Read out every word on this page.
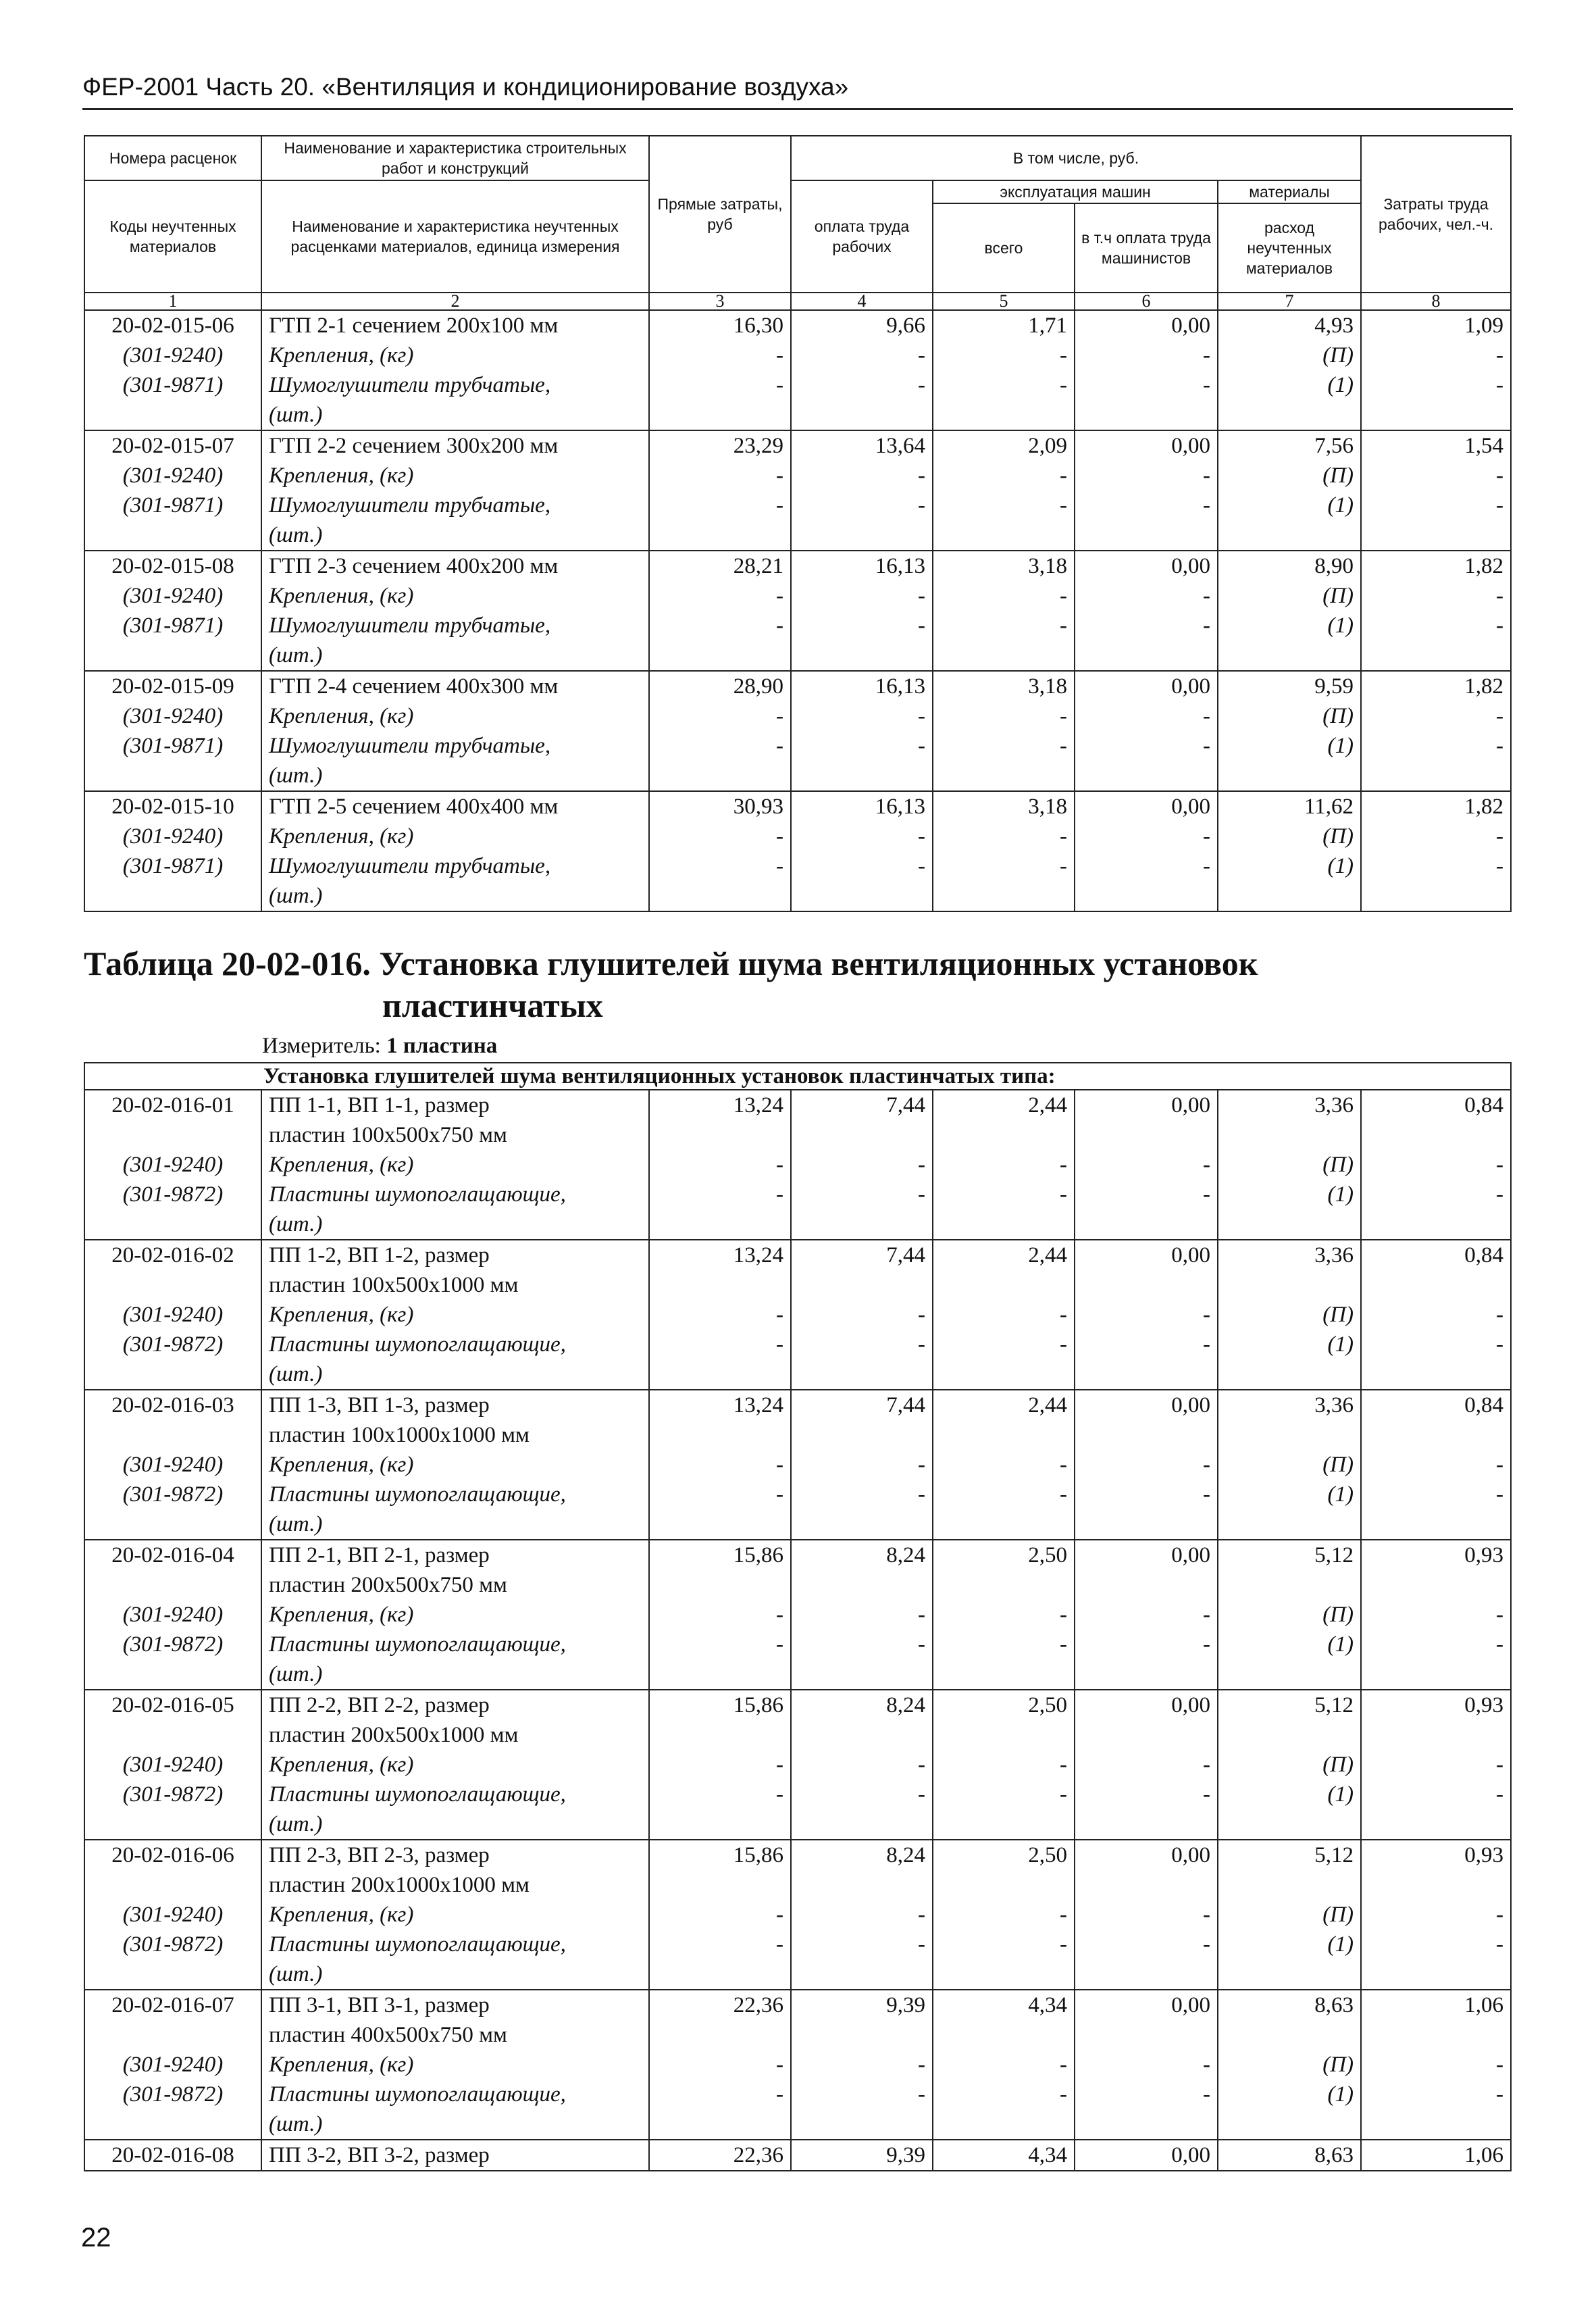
ФЕР-2001 Часть 20. «Вентиляция и кондиционирование воздуха»
Номера расценок	Наименование и характеристика строительных работ и конструкций	Прямые затраты, руб	В том числе, руб.				Затраты труда рабочих, чел.-ч.
Коды неучтенных материалов	Наименование и характеристика неучтенных расценками материалов, единица измерения		оплата труда рабочих	эксплуатация машин		материалы	
				всего	в т.ч оплата труда машинистов	расход неучтенных материалов	

1	2	3	4	5	6	7	8
20-02-015-06	ГТП 2-1 сечением 200х100 мм	16,30	9,66	1,71	0,00	4,93	1,09
(301-9240)	Крепления, (кг)	-	-	-	-	(П)	-
(301-9871)	Шумоглушители трубчатые,	-	-	-	-	(1)	-
	(шт.)						
20-02-015-07	ГТП 2-2 сечением 300х200 мм	23,29	13,64	2,09	0,00	7,56	1,54
(301-9240)	Крепления, (кг)	-	-	-	-	(П)	-
(301-9871)	Шумоглушители трубчатые,	-	-	-	-	(1)	-
	(шт.)						
20-02-015-08	ГТП 2-3 сечением 400х200 мм	28,21	16,13	3,18	0,00	8,90	1,82
(301-9240)	Крепления, (кг)	-	-	-	-	(П)	-
(301-9871)	Шумоглушители трубчатые,	-	-	-	-	(1)	-
	(шт.)						
20-02-015-09	ГТП 2-4 сечением 400х300 мм	28,90	16,13	3,18	0,00	9,59	1,82
(301-9240)	Крепления, (кг)	-	-	-	-	(П)	-
(301-9871)	Шумоглушители трубчатые,	-	-	-	-	(1)	-
	(шт.)						
20-02-015-10	ГТП 2-5 сечением 400х400 мм	30,93	16,13	3,18	0,00	11,62	1,82
(301-9240)	Крепления, (кг)	-	-	-	-	(П)	-
(301-9871)	Шумоглушители трубчатые,	-	-	-	-	(1)	-
	(шт.)						
Таблица 20-02-016. Установка глушителей шума вентиляционных установок
пластинчатых
Измеритель: 1 пластина
Установка глушителей шума вентиляционных установок пластинчатых типа:							
20-02-016-01	ПП 1-1, ВП 1-1, размер	13,24	7,44	2,44	0,00	3,36	0,84
	пластин 100х500х750 мм						
(301-9240)	Крепления, (кг)	-	-	-	-	(П)	-
(301-9872)	Пластины шумопоглащающие,	-	-	-	-	(1)	-
	(шт.)						
20-02-016-02	ПП 1-2, ВП 1-2, размер	13,24	7,44	2,44	0,00	3,36	0,84
	пластин 100х500х1000 мм						
(301-9240)	Крепления, (кг)	-	-	-	-	(П)	-
(301-9872)	Пластины шумопоглащающие,	-	-	-	-	(1)	-
	(шт.)						
20-02-016-03	ПП 1-3, ВП 1-3, размер	13,24	7,44	2,44	0,00	3,36	0,84
	пластин 100х1000х1000 мм						
(301-9240)	Крепления, (кг)	-	-	-	-	(П)	-
(301-9872)	Пластины шумопоглащающие,	-	-	-	-	(1)	-
	(шт.)						
20-02-016-04	ПП 2-1, ВП 2-1, размер	15,86	8,24	2,50	0,00	5,12	0,93
	пластин 200х500х750 мм						
(301-9240)	Крепления, (кг)	-	-	-	-	(П)	-
(301-9872)	Пластины шумопоглащающие,	-	-	-	-	(1)	-
	(шт.)						
20-02-016-05	ПП 2-2, ВП 2-2, размер	15,86	8,24	2,50	0,00	5,12	0,93
	пластин 200х500х1000 мм						
(301-9240)	Крепления, (кг)	-	-	-	-	(П)	-
(301-9872)	Пластины шумопоглащающие,	-	-	-	-	(1)	-
	(шт.)						
20-02-016-06	ПП 2-3, ВП 2-3, размер	15,86	8,24	2,50	0,00	5,12	0,93
	пластин 200х1000х1000 мм						
(301-9240)	Крепления, (кг)	-	-	-	-	(П)	-
(301-9872)	Пластины шумопоглащающие,	-	-	-	-	(1)	-
	(шт.)						
20-02-016-07	ПП 3-1, ВП 3-1, размер	22,36	9,39	4,34	0,00	8,63	1,06
	пластин 400х500х750 мм						
(301-9240)	Крепления, (кг)	-	-	-	-	(П)	-
(301-9872)	Пластины шумопоглащающие,	-	-	-	-	(1)	-
	(шт.)						
20-02-016-08	ПП 3-2, ВП 3-2, размер	22,36	9,39	4,34	0,00	8,63	1,06
22
